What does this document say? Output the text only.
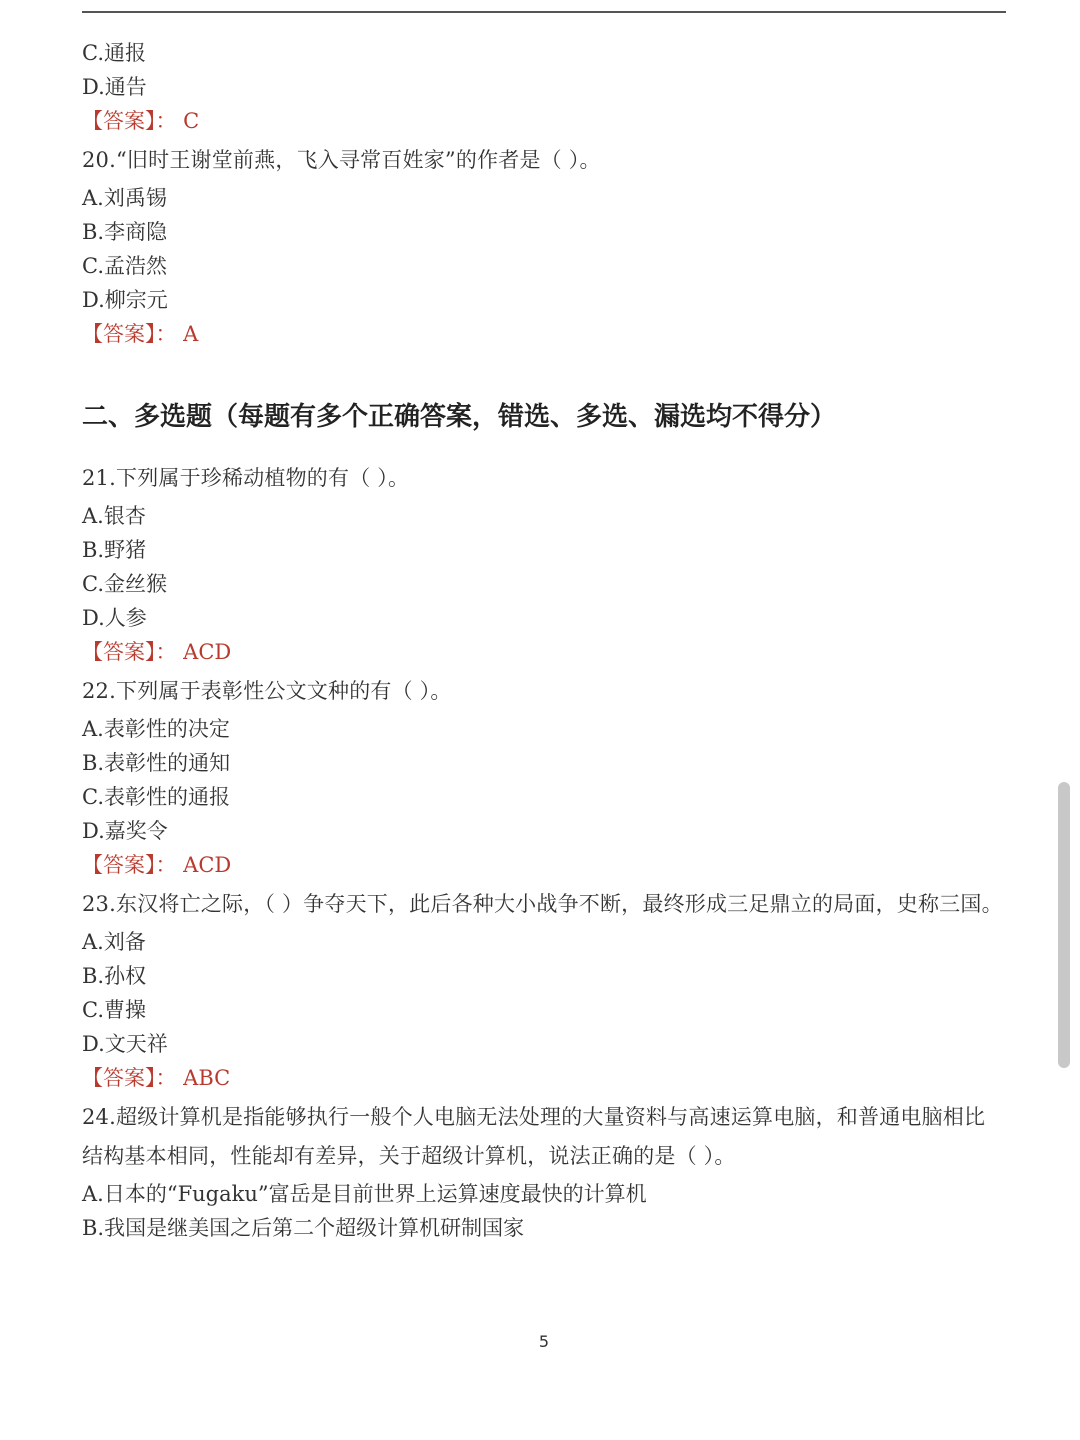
C.通报
D.通告
【答案】： C
20.“旧时王谢堂前燕，飞入寻常百姓家”的作者是（ ）。
A.刘禹锡
B.李商隐
C.孟浩然
D.柳宗元
【答案】： A
二、多选题（每题有多个正确答案，错选、多选、漏选均不得分）
21.下列属于珍稀动植物的有（ ）。
A.银杏
B.野猪
C.金丝猴
D.人参
【答案】： ACD
22.下列属于表彰性公文文种的有（ ）。
A.表彰性的决定
B.表彰性的通知
C.表彰性的通报
D.嘉奖令
【答案】： ACD
23.东汉将亡之际，（ ）争夺天下，此后各种大小战争不断，最终形成三足鼎立的局面，史称三国。
A.刘备
B.孙权
C.曹操
D.文天祥
【答案】： ABC
24.超级计算机是指能够执行一般个人电脑无法处理的大量资料与高速运算电脑，和普通电脑相比结构基本相同，性能却有差异，关于超级计算机，说法正确的是（ ）。
A.日本的“Fugaku”富岳是目前世界上运算速度最快的计算机
B.我国是继美国之后第二个超级计算机研制国家
5
